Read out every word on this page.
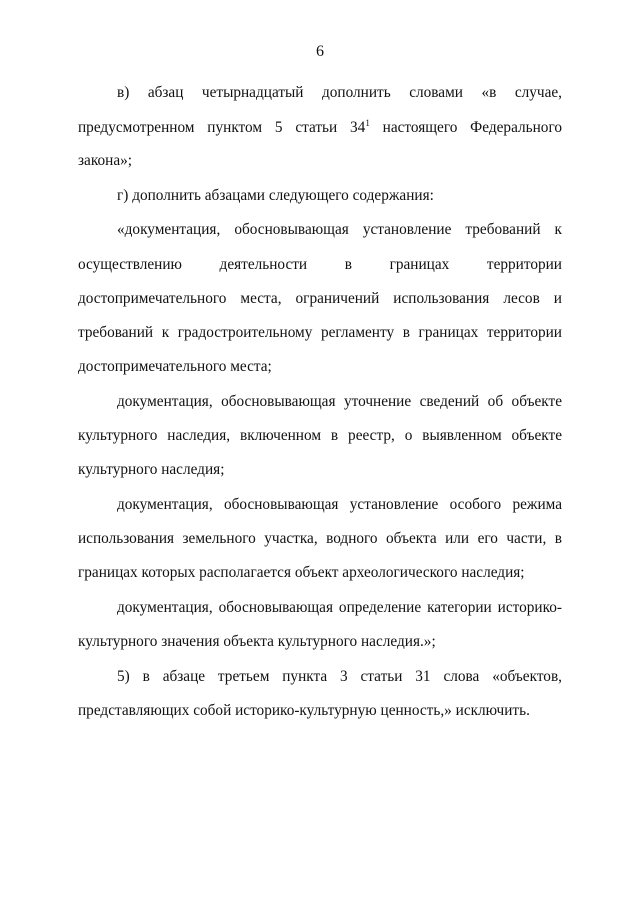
6
в) абзац четырнадцатый дополнить словами «в случае,
предусмотренном пунктом 5 статьи $34^1$ настоящего Федерального
закона»;
г) дополнить абзацами следующего содержания:
«документация, обосновывающая установление требований к
осуществлению деятельности в границах территории
достопримечательного места, ограничений использования лесов и
требований к градостроительному регламенту в границах территории
достопримечательного места;
документация, обосновывающая уточнение сведений об объекте
культурного наследия, включенном в реестр, о выявленном объекте
культурного наследия;
документация, обосновывающая установление особого режима
использования земельного участка, водного объекта или его части, в
границах которых располагается объект археологического наследия;
документация, обосновывающая определение категории историко-
культурного значения объекта культурного наследия.»;
5) в абзаце третьем пункта 3 статьи 31 слова «объектов,
представляющих собой историко-культурную ценность,» исключить.
